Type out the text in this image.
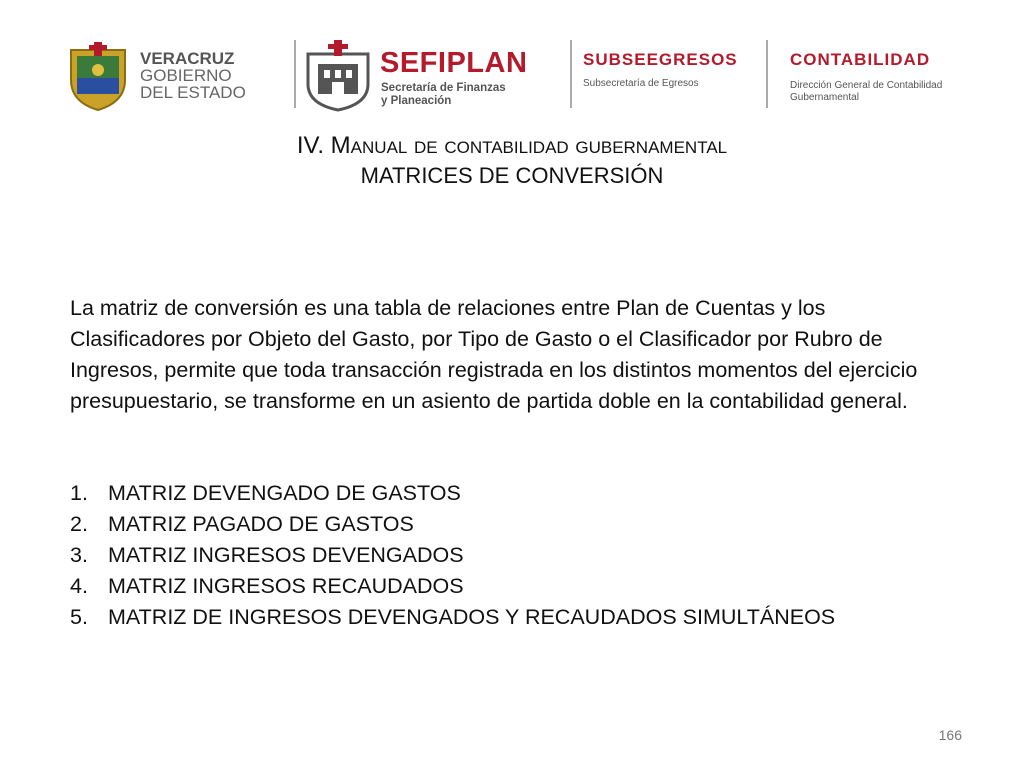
VERACRUZ
GOBIERNO
DEL ESTADO
SEFIPLAN
Secretaría de Finanzas
y Planeación
SUBSEEGRESOS
Subsecretaría de Egresos
CONTABILIDAD
Dirección General de Contabilidad Gubernamental
IV. Manual de contabilidad gubernamental
MATRICES DE CONVERSIÓN
La matriz de conversión es una tabla de relaciones entre Plan de Cuentas y los Clasificadores por Objeto del Gasto, por Tipo de Gasto o el Clasificador por Rubro de Ingresos, permite que toda transacción registrada en los distintos momentos del ejercicio presupuestario, se transforme en un asiento de partida doble en la contabilidad general.
1. MATRIZ DEVENGADO DE GASTOS
2. MATRIZ PAGADO DE GASTOS
3. MATRIZ INGRESOS DEVENGADOS
4. MATRIZ INGRESOS RECAUDADOS
5. MATRIZ DE INGRESOS DEVENGADOS Y RECAUDADOS SIMULTÁNEOS
166
